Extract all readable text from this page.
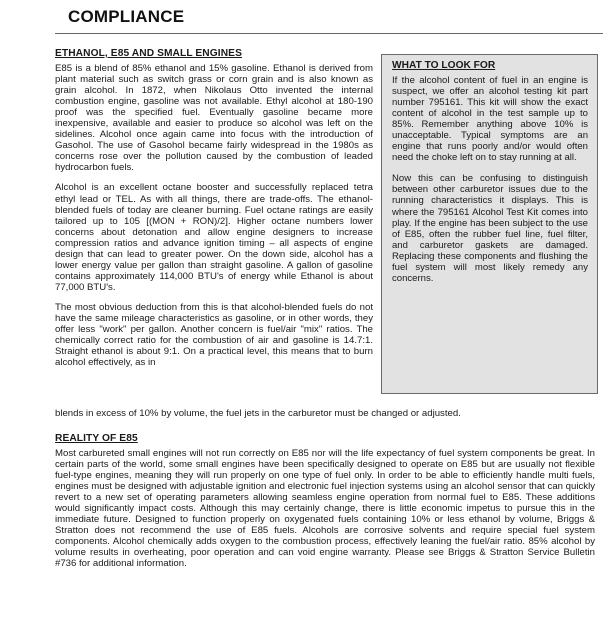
COMPLIANCE
ETHANOL, E85 AND SMALL ENGINES

E85 is a blend of 85% ethanol and 15% gasoline. Ethanol is derived from plant material such as switch grass or corn grain and is also known as grain alcohol. In 1872, when Nikolaus Otto invented the internal combustion engine, gasoline was not available. Ethyl alcohol at 180-190 proof was the specified fuel. Eventually gasoline became more inexpensive, available and easier to produce so alcohol was left on the sidelines. Alcohol once again came into focus with the introduction of Gasohol. The use of Gasohol became fairly widespread in the 1980s as concerns rose over the pollution caused by the combustion of leaded hydrocarbon fuels.

Alcohol is an excellent octane booster and successfully replaced tetra ethyl lead or TEL. As with all things, there are trade-offs. The ethanol-blended fuels of today are cleaner burning. Fuel octane ratings are easily tailored up to 105 [(MON + RON)/2]. Higher octane numbers lower concerns about detonation and allow engine designers to increase compression ratios and advance ignition timing – all aspects of engine design that can lead to greater power. On the down side, alcohol has a lower energy value per gallon than straight gasoline. A gallon of gasoline contains approximately 114,000 BTU's of energy while Ethanol is about 77,000 BTU's.

The most obvious deduction from this is that alcohol-blended fuels do not have the same mileage characteristics as gasoline, or in other words, they offer less "work" per gallon. Another concern is fuel/air "mix" ratios. The chemically correct ratio for the combustion of air and gasoline is 14.7:1. Straight ethanol is about 9:1. On a practical level, this means that to burn alcohol effectively, as in

blends in excess of 10% by volume, the fuel jets in the carburetor must be changed or adjusted.
WHAT TO LOOK FOR

If the alcohol content of fuel in an engine is suspect, we offer an alcohol testing kit part number 795161. This kit will show the exact content of alcohol in the test sample up to 85%. Remember anything above 10% is unacceptable. Typical symptoms are an engine that runs poorly and/or would often need the choke left on to stay running at all.

Now this can be confusing to distinguish between other carburetor issues due to the running characteristics it displays. This is where the 795161 Alcohol Test Kit comes into play. If the engine has been subject to the use of E85, often the rubber fuel line, fuel filter, and carburetor gaskets are damaged. Replacing these components and flushing the fuel system will most likely remedy any concerns.

REALITY OF E85

Most carbureted small engines will not run correctly on E85 nor will the life expectancy of fuel system components be great. In certain parts of the world, some small engines have been specifically designed to operate on E85 but are usually not flexible fuel-type engines, meaning they will run properly on one type of fuel only. In order to be able to efficiently handle multi fuels, engines must be designed with adjustable ignition and electronic fuel injection systems using an alcohol sensor that can quickly revert to a new set of operating parameters allowing seamless engine operation from normal fuel to E85. These additions would significantly impact costs. Although this may certainly change, there is little economic impetus to pursue this in the immediate future. Designed to function properly on oxygenated fuels containing 10% or less ethanol by volume, Briggs & Stratton does not recommend the use of E85 fuels. Alcohols are corrosive solvents and require special fuel system components. Alcohol chemically adds oxygen to the combustion process, effectively leaning the fuel/air ratio. 85% alcohol by volume results in overheating, poor operation and can void engine warranty. Please see Briggs & Stratton Service Bulletin #736 for additional information.
